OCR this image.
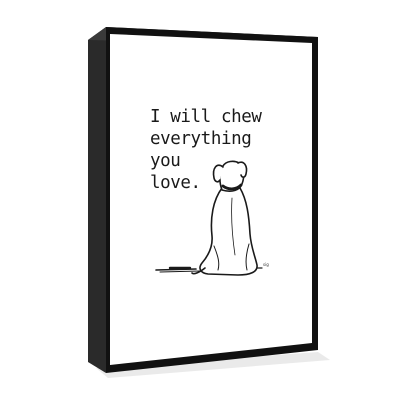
I will chew
everything
you
love.

sig
